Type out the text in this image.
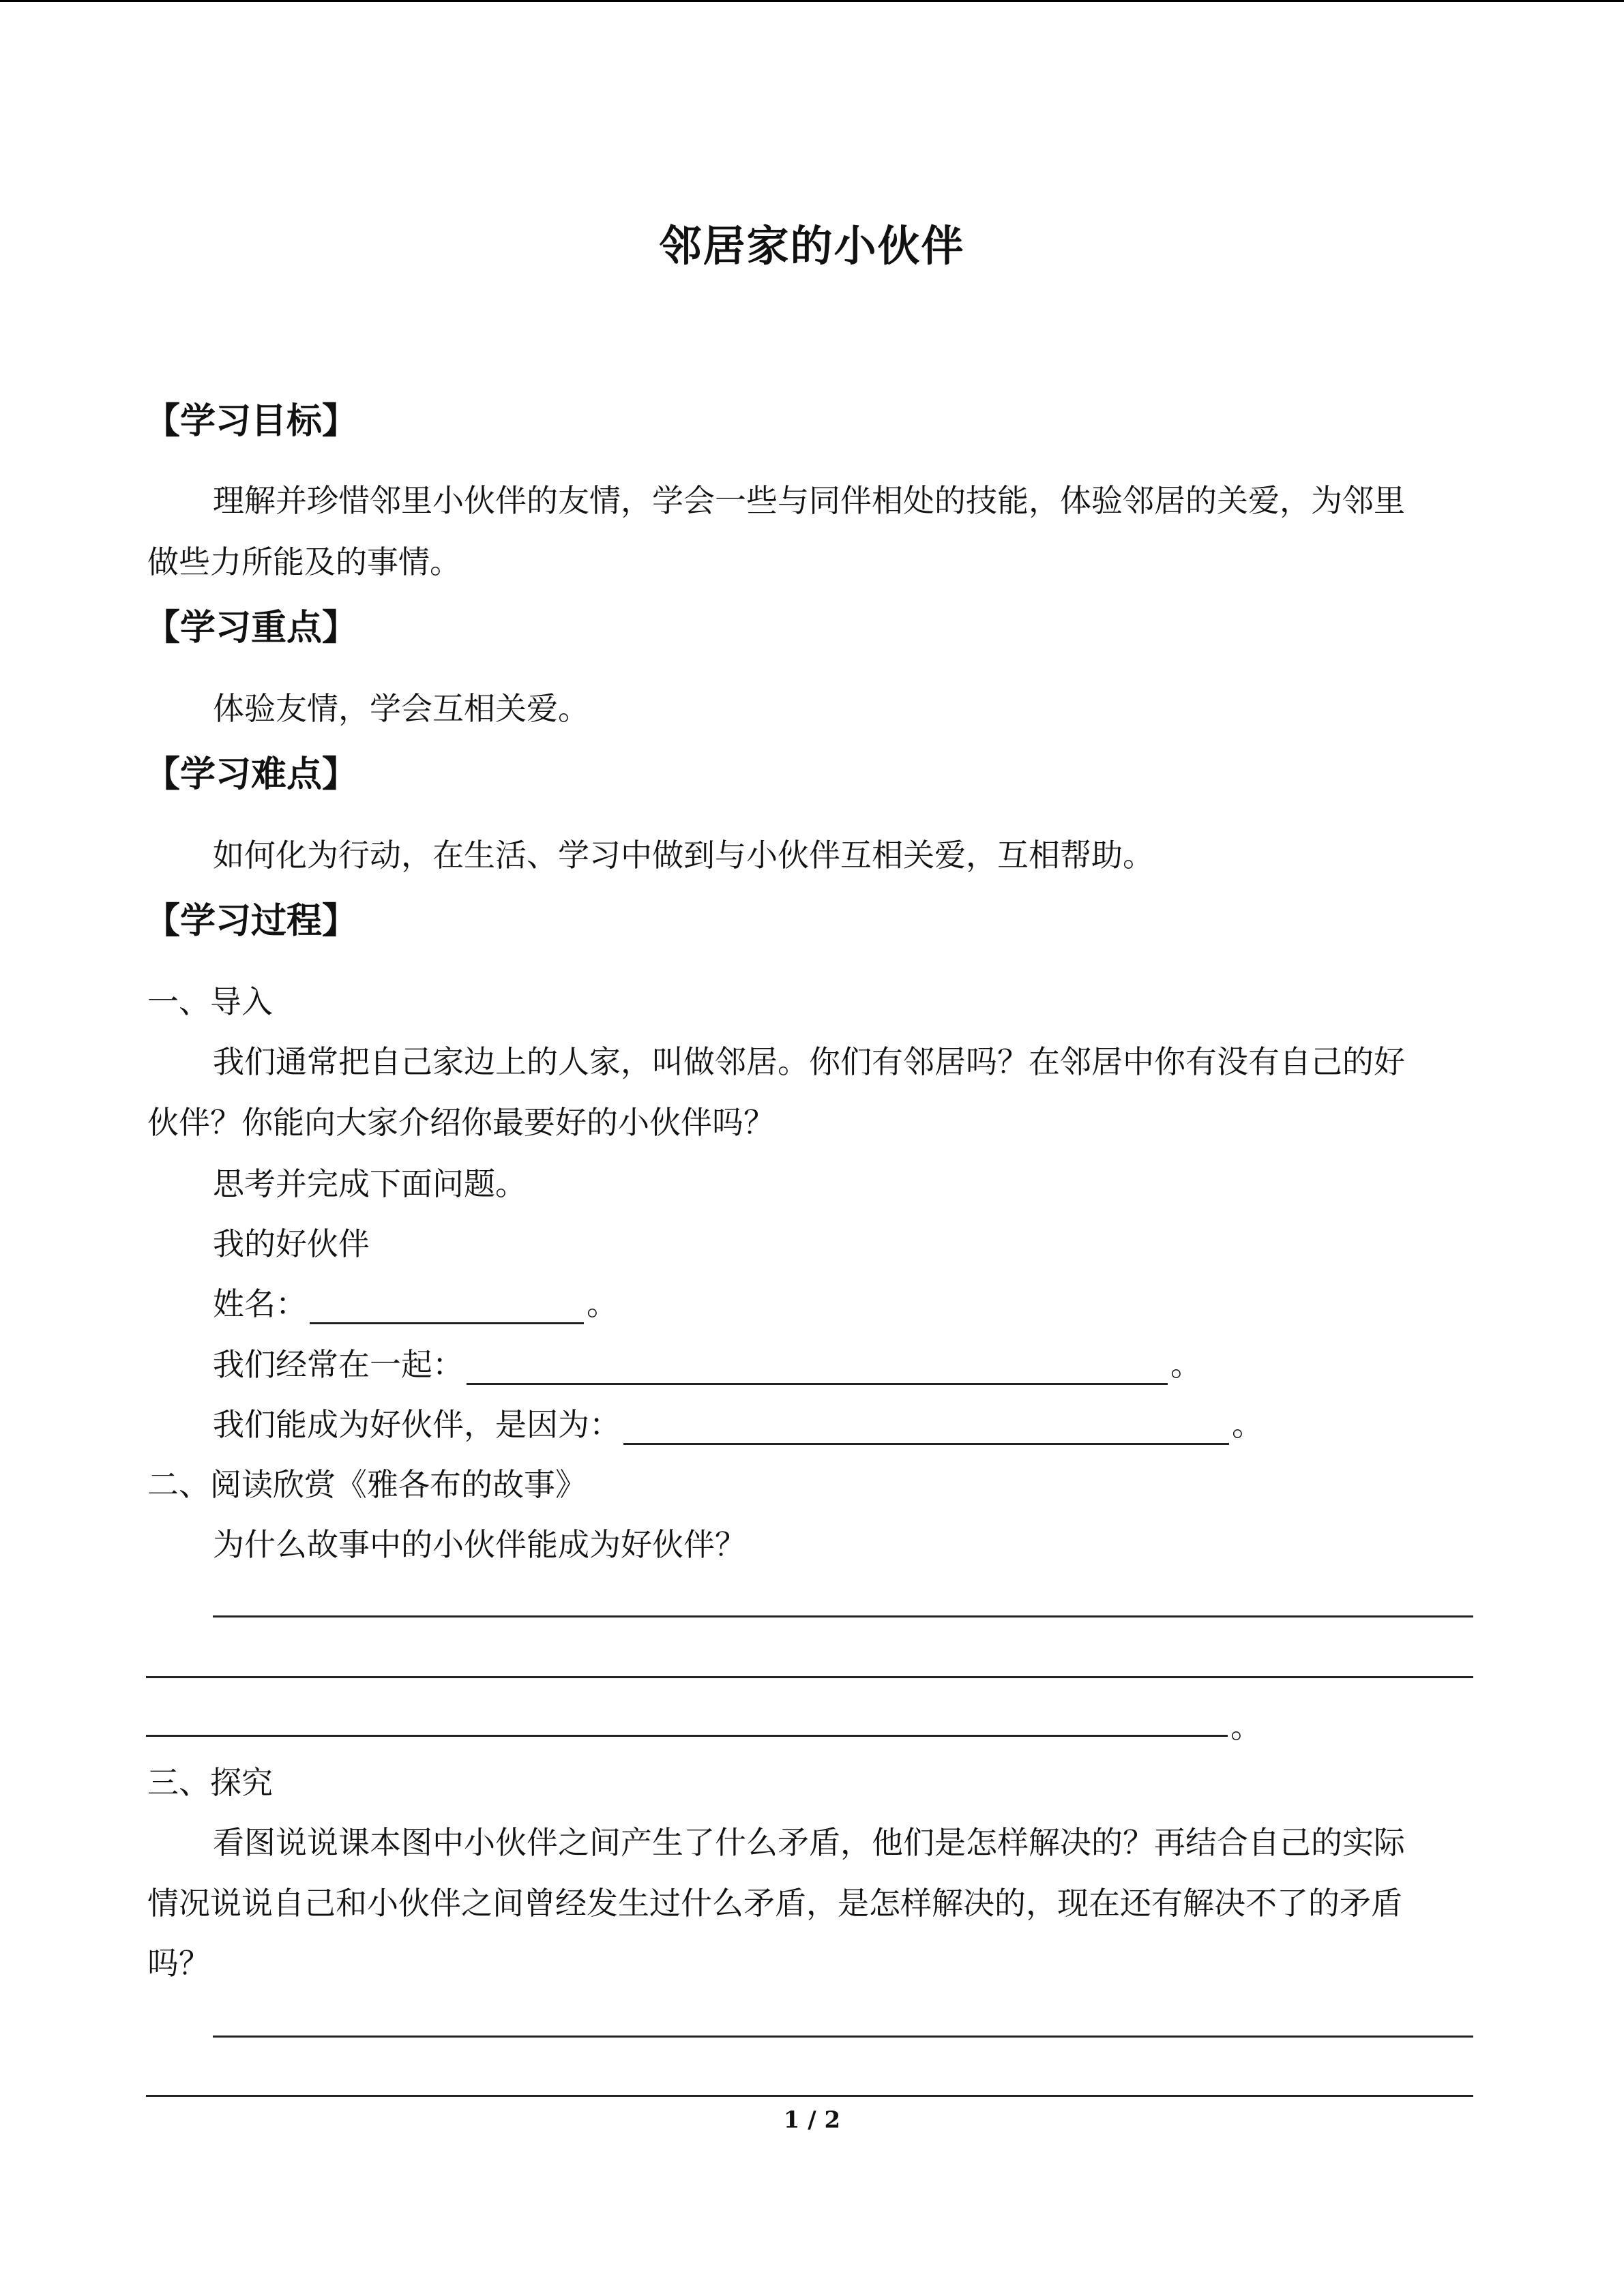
邻居家的小伙伴
【学习目标】
理解并珍惜邻里小伙伴的友情，学会一些与同伴相处的技能，体验邻居的关爱，为邻里
做些力所能及的事情。
【学习重点】
体验友情，学会互相关爱。
【学习难点】
如何化为行动，在生活、学习中做到与小伙伴互相关爱，互相帮助。
【学习过程】
一、导入
我们通常把自己家边上的人家，叫做邻居。你们有邻居吗？在邻居中你有没有自己的好
伙伴？你能向大家介绍你最要好的小伙伴吗？
思考并完成下面问题。
我的好伙伴
姓名：	。
我们经常在一起：	。
我们能成为好伙伴，是因为：	。
二、阅读欣赏《雅各布的故事》
为什么故事中的小伙伴能成为好伙伴？
。
三、探究
看图说说课本图中小伙伴之间产生了什么矛盾，他们是怎样解决的？再结合自己的实际
情况说说自己和小伙伴之间曾经发生过什么矛盾，是怎样解决的，现在还有解决不了的矛盾
吗？
1 / 2
